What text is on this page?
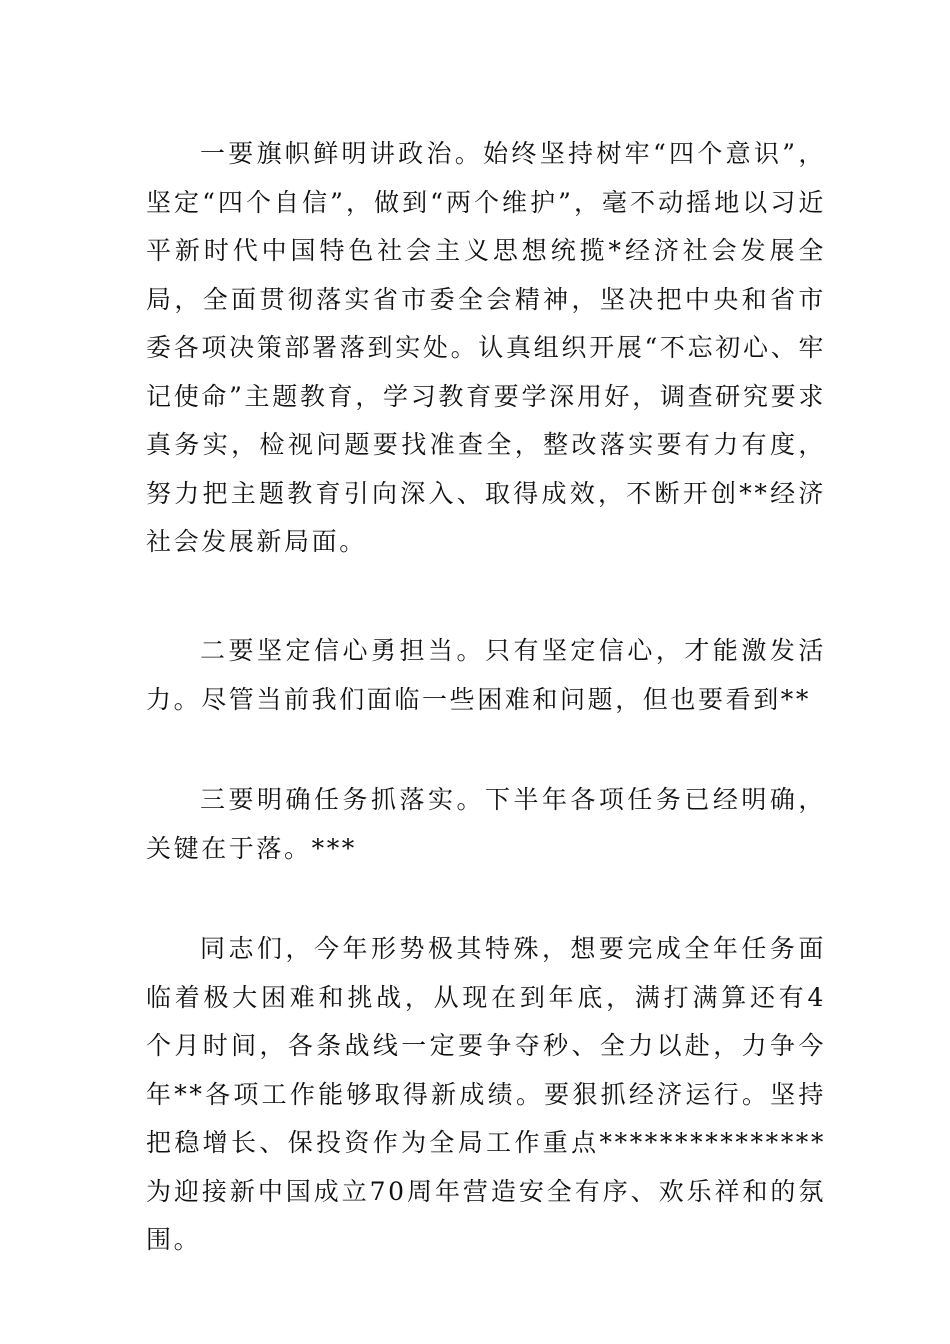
一要旗帜鲜明讲政治。始终坚持树牢“四个意识”，坚定“四个自信”，做到“两个维护”，毫不动摇地以习近平新时代中国特色社会主义思想统揽*经济社会发展全局，全面贯彻落实省市委全会精神，坚决把中央和省市委各项决策部署落到实处。认真组织开展“不忘初心、牢记使命”主题教育，学习教育要学深用好，调查研究要求真务实，检视问题要找准查全，整改落实要有力有度，努力把主题教育引向深入、取得成效，不断开创**经济社会发展新局面。

二要坚定信心勇担当。只有坚定信心，才能激发活力。尽管当前我们面临一些困难和问题，但也要看到**

三要明确任务抓落实。下半年各项任务已经明确，关键在于落。***

同志们，今年形势极其特殊，想要完成全年任务面临着极大困难和挑战，从现在到年底，满打满算还有4个月时间，各条战线一定要争夺秒、全力以赴，力争今年**各项工作能够取得新成绩。要狠抓经济运行。坚持把稳增长、保投资作为全局工作重点***************为迎接新中国成立70周年营造安全有序、欢乐祥和的氛围。
